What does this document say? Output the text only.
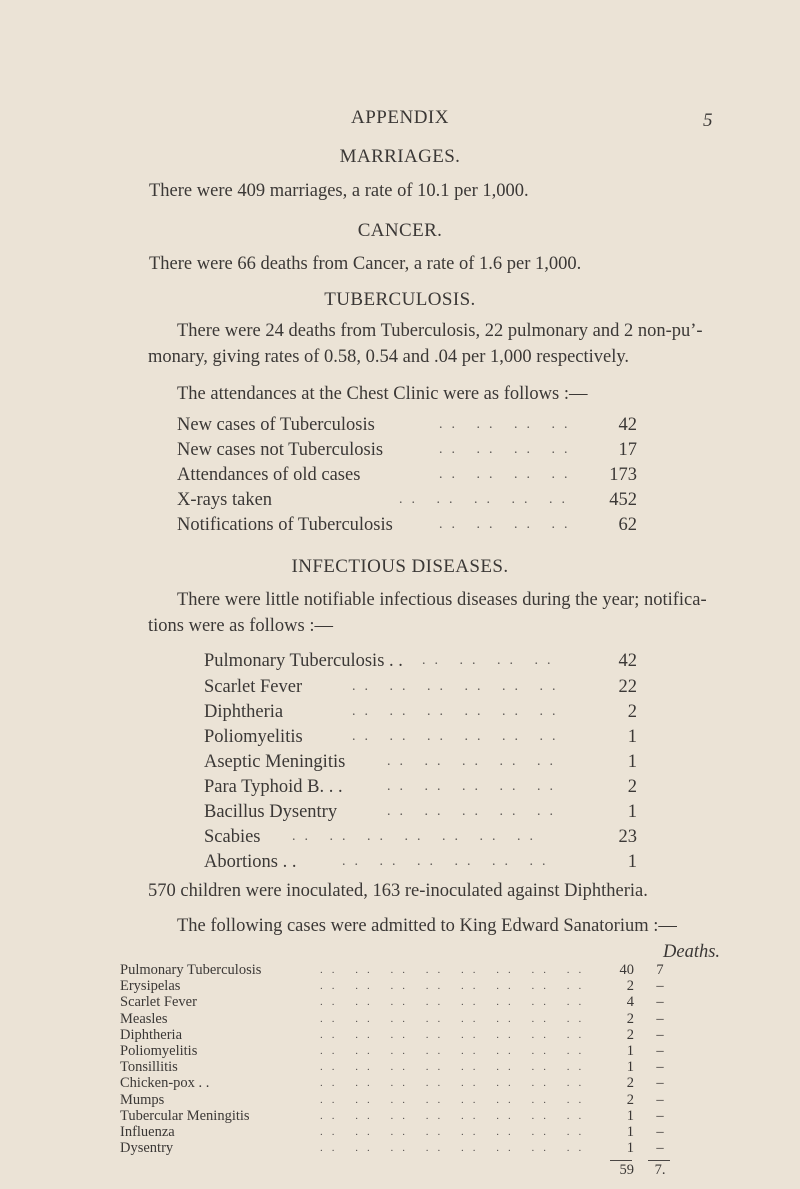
APPENDIX	5
MARRIAGES.
There were 409 marriages, a rate of 10.1 per 1,000.
CANCER.
There were 66 deaths from Cancer, a rate of 1.6 per 1,000.
TUBERCULOSIS.
There were 24 deaths from Tuberculosis, 22 pulmonary and 2 non-puʼ-
monary, giving rates of 0.58, 0.54 and .04 per 1,000 respectively.
The attendances at the Chest Clinic were as follows :—
New cases of Tuberculosis	.. .. .. ..	42
New cases not Tuberculosis	.. .. .. ..	17
Attendances of old cases	.. .. .. ..	173
X-rays taken	.. .. .. .. ..	452
Notifications of Tuberculosis	.. .. .. ..	62
INFECTIOUS DISEASES.
There were little notifiable infectious diseases during the year; notifica-
tions were as follows :—
Pulmonary Tuberculosis . . .. .. .. ..	42
Scarlet Fever	.. .. .. .. .. ..	22
Diphtheria	.. .. .. .. .. ..	2
Poliomyelitis	.. .. .. .. .. ..	1
Aseptic Meningitis	.. .. .. .. ..	1
Para Typhoid B. . .	.. .. .. .. ..	2
Bacillus Dysentry	.. .. .. .. ..	1
Scabies .. .. .. .. .. .. ..	23
Abortions . .	.. .. .. .. .. ..	1
570 children were inoculated, 163 re-inoculated against Diphtheria.
The following cases were admitted to King Edward Sanatorium :—
Deaths.
Pulmonary Tuberculosis	.. .. .. .. .. .. .. ..	40	7
Erysipelas	.. .. .. .. .. .. .. ..	2	–
Scarlet Fever	.. .. .. .. .. .. .. ..	4	–
Measles	.. .. .. .. .. .. .. ..	2	–
Diphtheria	.. .. .. .. .. .. .. ..	2	–
Poliomyelitis	.. .. .. .. .. .. .. ..	1	–
Tonsillitis	.. .. .. .. .. .. .. ..	1	–
Chicken-pox . .	.. .. .. .. .. .. .. ..	2	–
Mumps	.. .. .. .. .. .. .. ..	2	–
Tubercular Meningitis	.. .. .. .. .. .. .. ..	1	–
Influenza	.. .. .. .. .. .. .. ..	1	–
Dysentry	.. .. .. .. .. .. .. ..	1	–
59	7.
